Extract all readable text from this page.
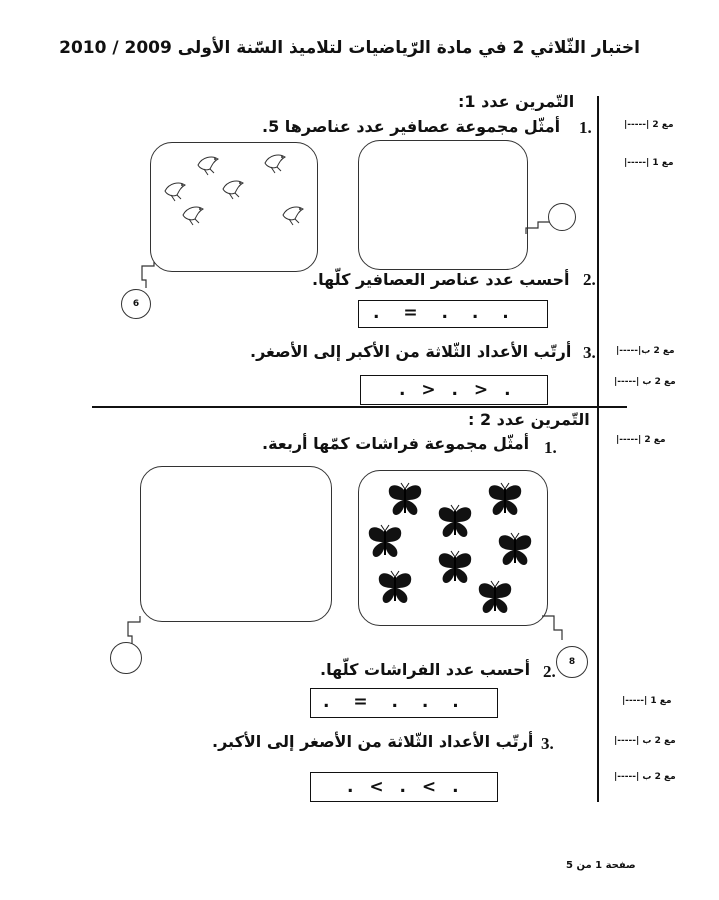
اختبار الثّلاثي 2 في مادة الرّياضيات لتلاميذ السّنة الأولى 2009 / 2010
التّمرين عدد 1:
1.
أمثّل مجموعة عصافير عدد عناصرها 5.
6
2.
أحسب عدد عناصر العصافير كلّها.
. = . . .
3.
أرتّب الأعداد الثّلاثة من الأكبر إلى الأصغر.
. > . > .
التّمرين عدد 2 :
1.
أمثّل مجموعة فراشات كمّها أربعة.
8
2.
أحسب عدد الفراشات كلّها.
. = . . .
3.
أرتّب الأعداد الثّلاثة من الأصغر إلى الأكبر.
. < . < .
مع 2 |-----|
مع 1 |-----|
مع 2 ب|-----|
مع 2 ب |-----|
مع 2 |-----|
مع 1 |-----|
مع 2 ب |-----|
مع 2 ب |-----|
صفحة 1 من 5
